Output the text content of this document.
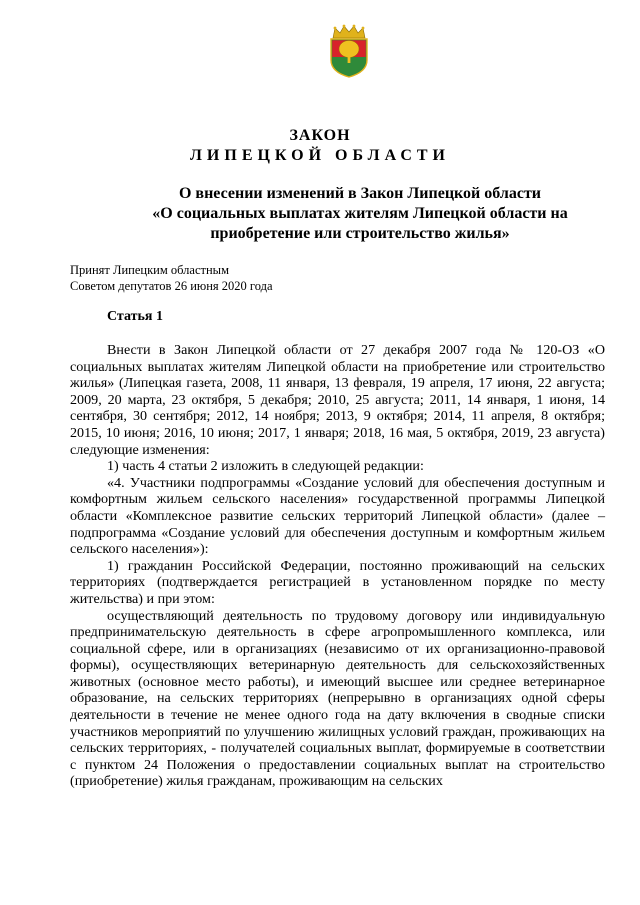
ЗАКОН
ЛИПЕЦКОЙ ОБЛАСТИ
О внесении изменений в Закон Липецкой области
«О социальных выплатах жителям Липецкой области на
приобретение или строительство жилья»
Принят Липецким областным
Советом депутатов 26 июня 2020 года
Статья 1

Внести в Закон Липецкой области от 27 декабря 2007 года № 120-ОЗ «О социальных выплатах жителям Липецкой области на приобретение или строительство жилья» (Липецкая газета, 2008, 11 января, 13 февраля, 19 апреля, 17 июня, 22 августа; 2009, 20 марта, 23 октября, 5 декабря; 2010, 25 августа; 2011, 14 января, 1 июня, 14 сентября, 30 сентября; 2012, 14 ноября; 2013, 9 октября; 2014, 11 апреля, 8 октября; 2015, 10 июня; 2016, 10 июня; 2017, 1 января; 2018, 16 мая, 5 октября, 2019, 23 августа) следующие изменения:

1) часть 4 статьи 2 изложить в следующей редакции:

«4. Участники подпрограммы «Создание условий для обеспечения доступным и комфортным жильем сельского населения» государственной программы Липецкой области «Комплексное развитие сельских территорий Липецкой области» (далее – подпрограмма «Создание условий для обеспечения доступным и комфортным жильем сельского населения»):

1) гражданин Российской Федерации, постоянно проживающий на сельских территориях (подтверждается регистрацией в установленном порядке по месту жительства) и при этом:

осуществляющий деятельность по трудовому договору или индивидуальную предпринимательскую деятельность в сфере агропромышленного комплекса, или социальной сфере, или в организациях (независимо от их организационно-правовой формы), осуществляющих ветеринарную деятельность для сельскохозяйственных животных (основное место работы), и имеющий высшее или среднее ветеринарное образование, на сельских территориях (непрерывно в организациях одной сферы деятельности в течение не менее одного года на дату включения в сводные списки участников мероприятий по улучшению жилищных условий граждан, проживающих на сельских территориях, - получателей социальных выплат, формируемые в соответствии с пунктом 24 Положения о предоставлении социальных выплат на строительство (приобретение) жилья гражданам, проживающим на сельских
